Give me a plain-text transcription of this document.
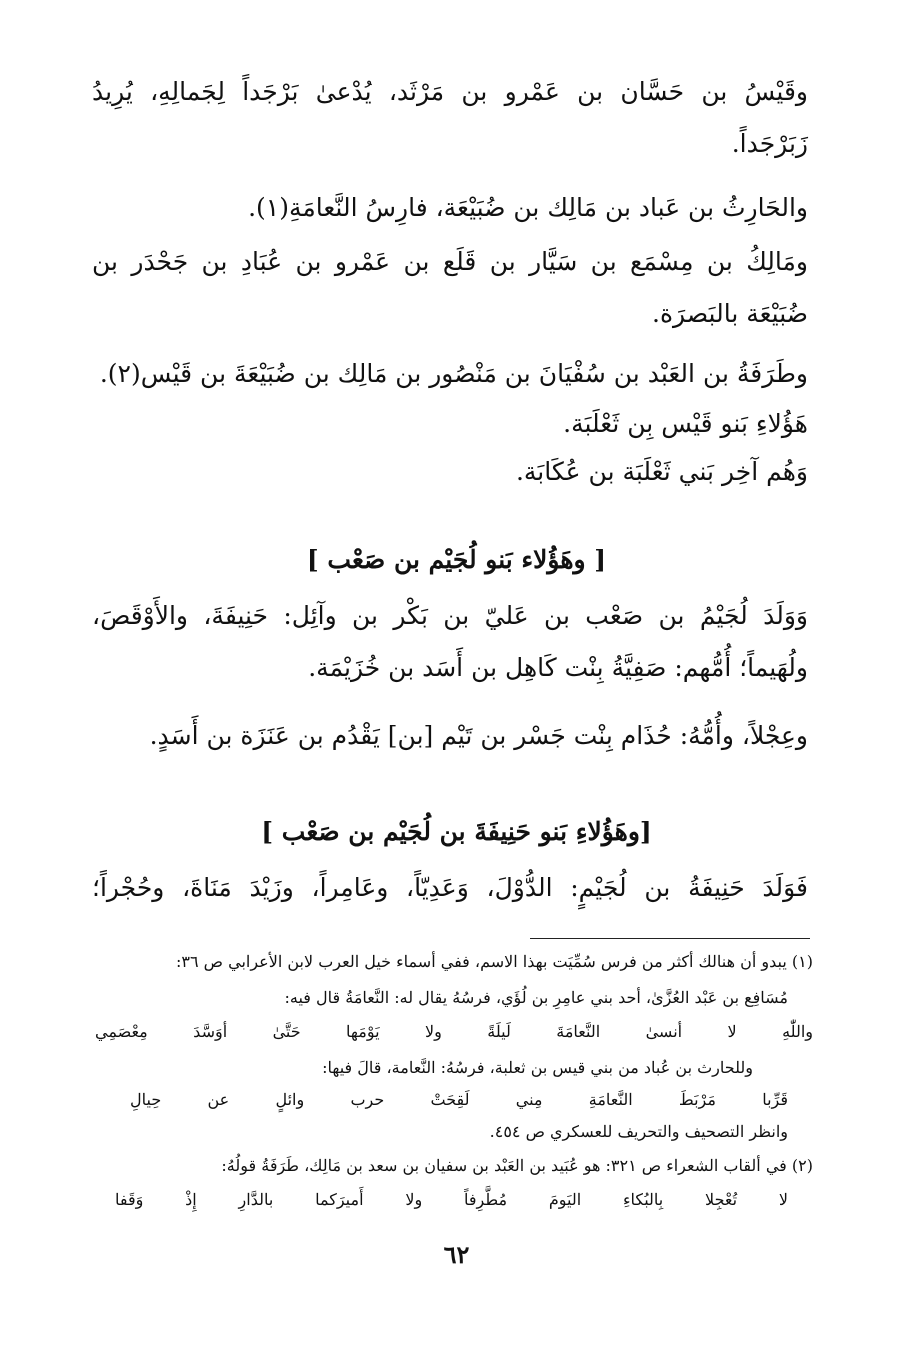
وقَيْسُ بن حَسَّان بن عَمْرو بن مَرْثَد، يُدْعىٰ بَرْجَداً لِجَمالِهِ، يُرِيدُ
زَبَرْجَداً.
والحَارِثُ بن عَباد بن مَالِك بن ضُبَيْعَة، فارِسُ النَّعامَةِ(١).
ومَالِكُ بن مِسْمَع بن سَيَّار بن قَلَع بن عَمْرو بن عُبَادِ بن جَحْدَر بن
ضُبَيْعَة بالبَصرَة.
وطَرَفَةُ بن العَبْد بن سُفْيَانَ بن مَنْصُور بن مَالِك بن ضُبَيْعَةَ بن قَيْس(٢).
هَؤُلاءِ بَنو قَيْس بِن ثَعْلَبَة.
وَهُم آخِر بَني ثَعْلَبَة بن عُكَابَة.
[ وهَؤُلاء بَنو لُجَيْم بن صَعْب ]
وَوَلَدَ لُجَيْمُ بن صَعْب بن عَليّ بن بَكْر بن وآئِل: حَنِيفَةَ، والأَوْقَصَ،
ولُهَيماً؛ أُمُّهم: صَفِيَّةُ بِنْت كَاهِل بن أَسَد بن خُزَيْمَة.
وعِجْلاً، وأُمُّهُ: حُذَام بِنْت جَسْر بن تَيْم [بن] يَقْدُم بن عَنَزَة بن أَسَدٍ.
[وهَؤُلاءِ بَنو حَنِيفَةَ بن لُجَيْم بن صَعْب ]
فَوَلَدَ حَنِيفَةُ بن لُجَيْمٍ: الدُّوْلَ، وَعَدِيّاً، وعَامِراً، وزَيْدَ مَنَاةَ، وحُجْراً؛
(١) يبدو أن هنالك أكثر من فرس سُمِّيَت بهذا الاسم، ففي أسماء خيل العرب لابن الأعرابي ص ٣٦:
مُسَافِع بن عَبْد العُزَّىٰ، أحد بني عامِرِ بن لُؤَي، فرسُهُ يقال له: النَّعامَةُ قال فيه:
واللّٰهِ لا أنسىٰ النَّعامَةَ لَيلَةً ولا يَوْمَها حَتَّىٰ أوَسَّدَ مِعْصَمِي
وللحارث بن عُباد من بني قيس بن ثعلبة، فرسُهُ: النَّعامة، قالَ فيها:
قَرِّبا مَرْبَطَ النَّعامَةِ مِني لَقِحَتْ حرب وائلٍ عن حِيالِ
وانظر التصحيف والتحريف للعسكري ص ٤٥٤.
(٢) في ألقاب الشعراء ص ٣٢١: هو عُبَيد بن العَبْد بن سفيان بن سعد بن مَالِك، طَرَفَةُ قولُهُ:
لا تُعْجِلا بِالبُكاءِ اليَومَ مُطَّرِفاً ولا أَميرَكما بالدَّارِ إِذْ وَقَفا
٦٢
